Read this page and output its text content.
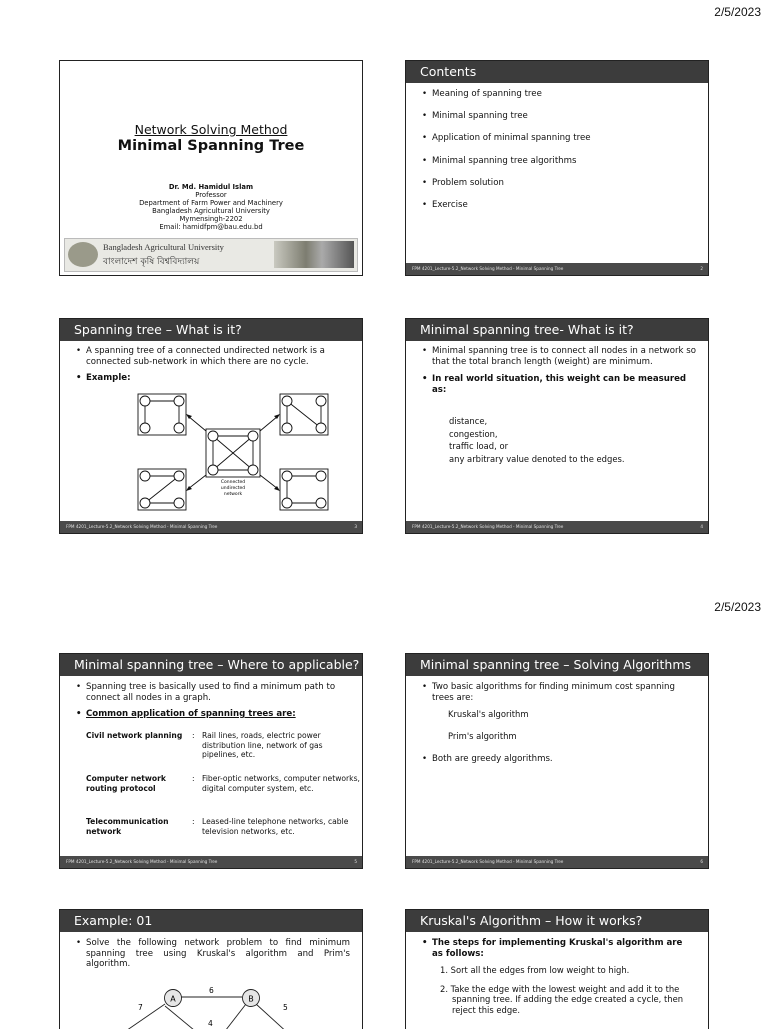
2/5/2023
2/5/2023
Network Solving Method
Minimal Spanning Tree
Dr. Md. Hamidul Islam
Professor
Department of Farm Power and Machinery
Bangladesh Agricultural University
Mymensingh-2202
Email: hamidfpm@bau.edu.bd
Bangladesh Agricultural University
বাংলাদেশ কৃষি বিশ্ববিদ্যালয়
Contents
• Meaning of spanning tree
• Minimal spanning tree
• Application of minimal spanning tree
• Minimal spanning tree algorithms
• Problem solution
• Exercise
FPM 4201_Lecture-5.2_Network Solving Method - Minimal Spanning Tree	2
Spanning tree – What is it?
• A spanning tree of a connected undirected network is a connected sub-network in which there are no cycle.
• Example:
Connected
undirected
network
FPM 4201_Lecture-5.2_Network Solving Method - Minimal Spanning Tree	3
Minimal spanning tree- What is it?
• Minimal spanning tree is to connect all nodes in a network so that the total branch length (weight) are minimum.
• In real world situation, this weight can be measured as:
distance,
congestion,
traffic load, or
any arbitrary value denoted to the edges.
FPM 4201_Lecture-5.2_Network Solving Method - Minimal Spanning Tree	4
Minimal spanning tree – Where to applicable?
• Spanning tree is basically used to find a minimum path to connect all nodes in a graph.
• Common application of spanning trees are:
Civil network planning	: Rail lines, roads, electric power distribution line, network of gas pipelines, etc.
Computer network routing protocol
: Fiber-optic networks, computer networks, digital computer system, etc.
Telecommunication network
: Leased-line telephone networks, cable television networks, etc.
FPM 4201_Lecture-5.2_Network Solving Method - Minimal Spanning Tree	5
Minimal spanning tree – Solving Algorithms
• Two basic algorithms for finding minimum cost spanning trees are:
Kruskal's algorithm
Prim's algorithm
• Both are greedy algorithms.
FPM 4201_Lecture-5.2_Network Solving Method - Minimal Spanning Tree	6
Example: 01
• Solve the following network problem to find minimum spanning tree using Kruskal's algorithm and Prim's algorithm.
A	B
7
6
5
4
Kruskal's Algorithm – How it works?
• The steps for implementing Kruskal's algorithm are as follows:
1. Sort all the edges from low weight to high.
2. Take the edge with the lowest weight and add it to the spanning tree. If adding the edge created a cycle, then reject this edge.
